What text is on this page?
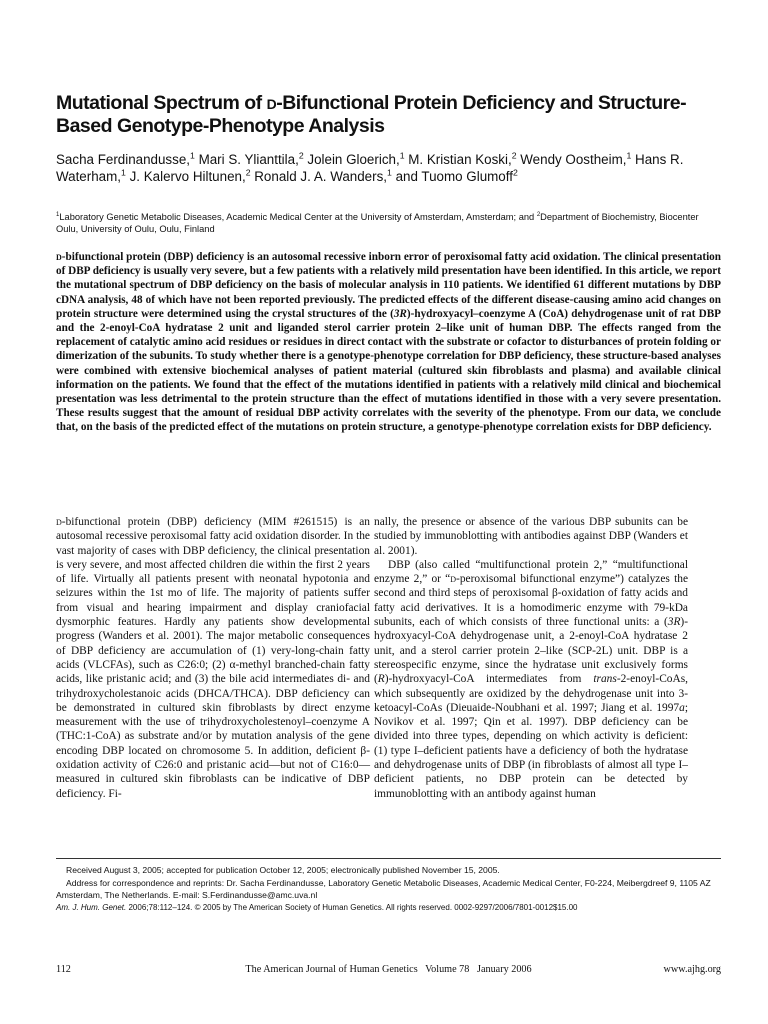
Mutational Spectrum of d-Bifunctional Protein Deficiency and Structure-Based Genotype-Phenotype Analysis

Sacha Ferdinandusse,$^1$ Mari S. Ylianttila,$^2$ Jolein Gloerich,$^1$ M. Kristian Koski,$^2$ Wendy Oostheim,$^1$ Hans R. Waterham,$^1$ J. Kalervo Hiltunen,$^2$ Ronald J. A. Wanders,$^1$ and Tuomo Glumoff$^2$

$^1$Laboratory Genetic Metabolic Diseases, Academic Medical Center at the University of Amsterdam, Amsterdam; and $^2$Department of Biochemistry, Biocenter Oulu, University of Oulu, Oulu, Finland

d-bifunctional protein (DBP) deficiency is an autosomal recessive inborn error of peroxisomal fatty acid oxidation. The clinical presentation of DBP deficiency is usually very severe, but a few patients with a relatively mild presentation have been identified. In this article, we report the mutational spectrum of DBP deficiency on the basis of molecular analysis in 110 patients. We identified 61 different mutations by DBP cDNA analysis, 48 of which have not been reported previously. The predicted effects of the different disease-causing amino acid changes on protein structure were determined using the crystal structures of the (3R)-hydroxyacyl–coenzyme A (CoA) dehydrogenase unit of rat DBP and the 2-enoyl-CoA hydratase 2 unit and liganded sterol carrier protein 2–like unit of human DBP. The effects ranged from the replacement of catalytic amino acid residues or residues in direct contact with the substrate or cofactor to disturbances of protein folding or dimerization of the subunits. To study whether there is a genotype-phenotype correlation for DBP deficiency, these structure-based analyses were combined with extensive biochemical analyses of patient material (cultured skin fibroblasts and plasma) and available clinical information on the patients. We found that the effect of the mutations identified in patients with a relatively mild clinical and biochemical presentation was less detrimental to the protein structure than the effect of mutations identified in those with a very severe presentation. These results suggest that the amount of residual DBP activity correlates with the severity of the phenotype. From our data, we conclude that, on the basis of the predicted effect of the mutations on protein structure, a genotype-phenotype correlation exists for DBP deficiency.

d-bifunctional protein (DBP) deficiency (MIM #261515) is an autosomal recessive peroxisomal fatty acid oxidation disorder. In the vast majority of cases with DBP deficiency, the clinical presentation is very severe, and most affected children die within the first 2 years of life. Virtually all patients present with neonatal hypotonia and seizures within the 1st mo of life. The majority of patients suffer from visual and hearing impairment and display craniofacial dysmorphic features. Hardly any patients show developmental progress (Wanders et al. 2001). The major metabolic consequences of DBP deficiency are accumulation of (1) very-long-chain fatty acids (VLCFAs), such as C26:0; (2) α-methyl branched-chain fatty acids, like pristanic acid; and (3) the bile acid intermediates di- and trihydroxycholestanoic acids (DHCA/THCA). DBP deficiency can be demonstrated in cultured skin fibroblasts by direct enzyme measurement with the use of trihydroxycholestenoyl–coenzyme A (THC:1-CoA) as substrate and/or by mutation analysis of the gene encoding DBP located on chromosome 5. In addition, deficient β-oxidation activity of C26:0 and pristanic acid—but not of C16:0—measured in cultured skin fibroblasts can be indicative of DBP deficiency. Fi-

nally, the presence or absence of the various DBP subunits can be studied by immunoblotting with antibodies against DBP (Wanders et al. 2001).

DBP (also called “multifunctional protein 2,” “multifunctional enzyme 2,” or “d-peroxisomal bifunctional enzyme”) catalyzes the second and third steps of peroxisomal β-oxidation of fatty acids and fatty acid derivatives. It is a homodimeric enzyme with 79-kDa subunits, each of which consists of three functional units: a (3R)-hydroxyacyl-CoA dehydrogenase unit, a 2-enoyl-CoA hydratase 2 unit, and a sterol carrier protein 2–like (SCP-2L) unit. DBP is a stereospecific enzyme, since the hydratase unit exclusively forms (R)-hydroxyacyl-CoA intermediates from trans-2-enoyl-CoAs, which subsequently are oxidized by the dehydrogenase unit into 3-ketoacyl-CoAs (Dieuaide-Noubhani et al. 1997; Jiang et al. 1997a; Novikov et al. 1997; Qin et al. 1997). DBP deficiency can be divided into three types, depending on which activity is deficient: (1) type I–deficient patients have a deficiency of both the hydratase and dehydrogenase units of DBP (in fibroblasts of almost all type I–deficient patients, no DBP protein can be detected by immunoblotting with an antibody against human

Received August 3, 2005; accepted for publication October 12, 2005; electronically published November 15, 2005.

Address for correspondence and reprints: Dr. Sacha Ferdinandusse, Laboratory Genetic Metabolic Diseases, Academic Medical Center, F0-224, Meibergdreef 9, 1105 AZ Amsterdam, The Netherlands. E-mail: S.Ferdinandusse@amc.uva.nl

Am. J. Hum. Genet. 2006;78:112–124. © 2005 by The American Society of Human Genetics. All rights reserved. 0002-9297/2006/7801-0012$15.00

112	The American Journal of Human Genetics   Volume 78   January 2006	www.ajhg.org
